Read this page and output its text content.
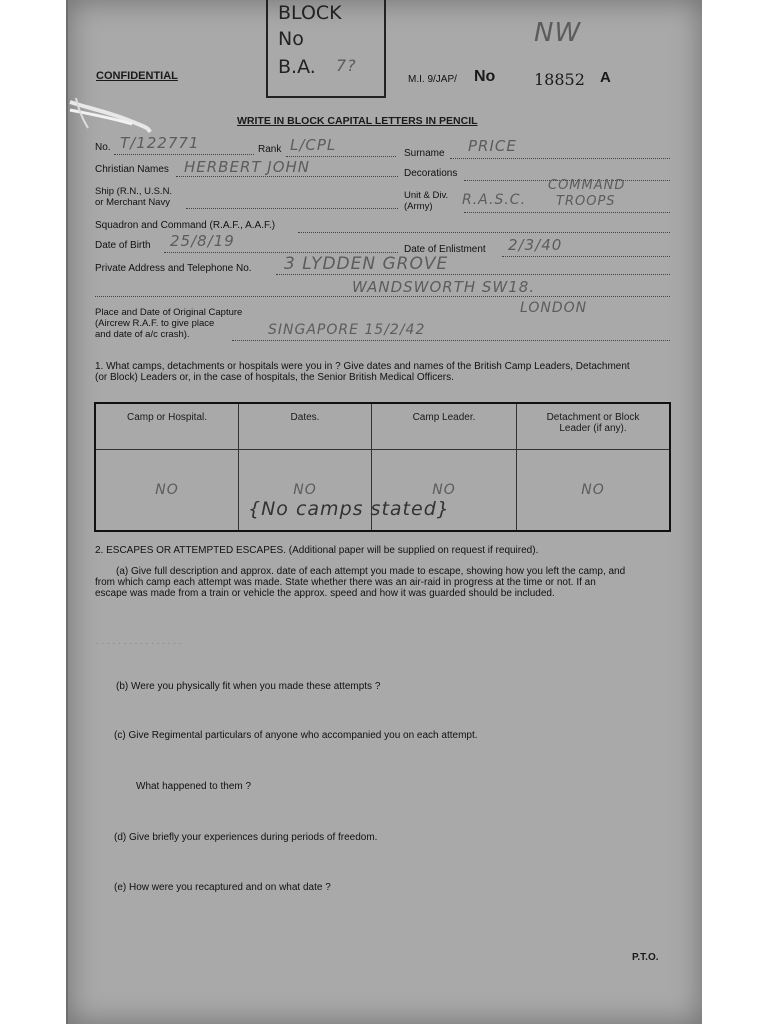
BLOCK
No
B.A. 7?
NW
CONFIDENTIAL	M.I. 9/JAP/ No 18852 A
WRITE IN BLOCK CAPITAL LETTERS IN PENCIL
No. T/122771	Rank L/CPL	Surname PRICE
Christian Names HERBERT JOHN	Decorations
Ship (R.N., U.S.N.
or Merchant Navy
Unit & Div.
(Army) R.A.S.C.
COMMAND
TROOPS
Squadron and Command (R.A.F., A.A.F.)
Date of Birth 25/8/19	Date of Enlistment 2/3/40
Private Address and Telephone No. 3 LYDDEN GROVE
WANDSWORTH SW18.
LONDON
Place and Date of Original Capture
(Aircrew R.A.F. to give place
and date of a/c crash).	SINGAPORE 15/2/42
1. What camps, detachments or hospitals were you in ? Give dates and names of the British Camp Leaders, Detachment
(or Block) Leaders or, in the case of hospitals, the Senior British Medical Officers.
Camp or Hospital.	Dates.	Camp Leader.	Detachment or Block Leader (if any).
NO	NO	NO	NO
{No camps stated}
2. ESCAPES OR ATTEMPTED ESCAPES. (Additional paper will be supplied on request if required).
(a) Give full description and approx. date of each attempt you made to escape, showing how you left the camp, and
from which camp each attempt was made. State whether there was an air-raid in progress at the time or not. If an
escape was made from a train or vehicle the approx. speed and how it was guarded should be included.
· · · · · · · · · · · · · · · ·
(b) Were you physically fit when you made these attempts ?
(c) Give Regimental particulars of anyone who accompanied you on each attempt.
What happened to them ?
(d) Give briefly your experiences during periods of freedom.
(e) How were you recaptured and on what date ?
P.T.O.
